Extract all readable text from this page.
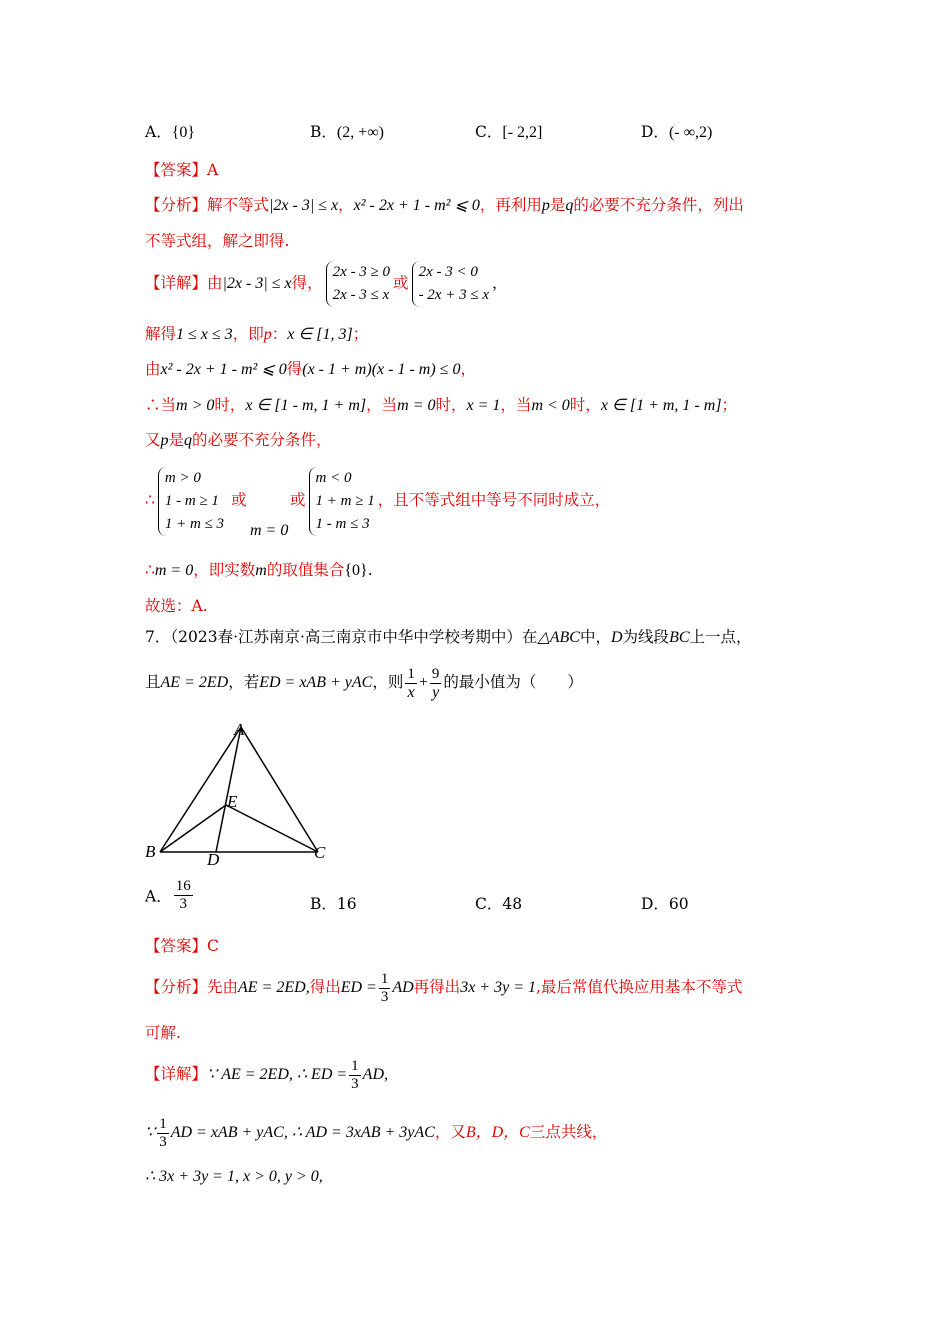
A．{0}	B．(2, +∞)	C．[- 2,2]	D．(- ∞,2)
【答案】A
【分析】解不等式|2x - 3| ≤ x，x² - 2x + 1 - m² ⩽ 0，再利用p是q的必要不充分条件，列出
不等式组，解之即得.
【详解】由|2x - 3| ≤ x得，
2x - 3 ≥ 0
2x - 3 ≤ x
或
2x - 3 < 0
- 2x + 3 ≤ x
，
解得1 ≤ x ≤ 3，即p：x ∈ [1, 3]；
由x² - 2x + 1 - m² ⩽ 0得(x - 1 + m)(x - 1 - m) ≤ 0，
∴当m > 0时，x ∈ [1 - m, 1 + m]，当m = 0时，x = 1，当m < 0时，x ∈ [1 + m, 1 - m]；
又p是q的必要不充分条件，
∴
m > 0
1 - m ≥ 1
1 + m ≤ 3
或
m = 0
或
m < 0
1 + m ≥ 1
1 - m ≤ 3
，且不等式组中等号不同时成立，
∴m = 0，即实数m的取值集合{0}.
故选：A.
7．（2023春·江苏南京·高三南京市中华中学校考期中）在△ABC中，D为线段BC上一点，
且AE = 2ED，若ED = xAB + yAC，则 $\frac{1}{x} + \frac{9}{y}$ 的最小值为（　　）
A
E
B	D	C
A． $\frac{16}{3}$	B．16	C．48	D．60
【答案】C
【分析】先由AE = 2ED,得出ED = $\frac{1}{3}$ AD再得出3x + 3y = 1,最后常值代换应用基本不等式
可解.
【详解】∵ AE = 2ED, ∴ ED = $\frac{1}{3}$ AD,
∵ $\frac{1}{3}$ AD = xAB + yAC, ∴ AD = 3xAB + 3yAC，又B，D，C三点共线，
∴ 3x + 3y = 1, x > 0, y > 0,
